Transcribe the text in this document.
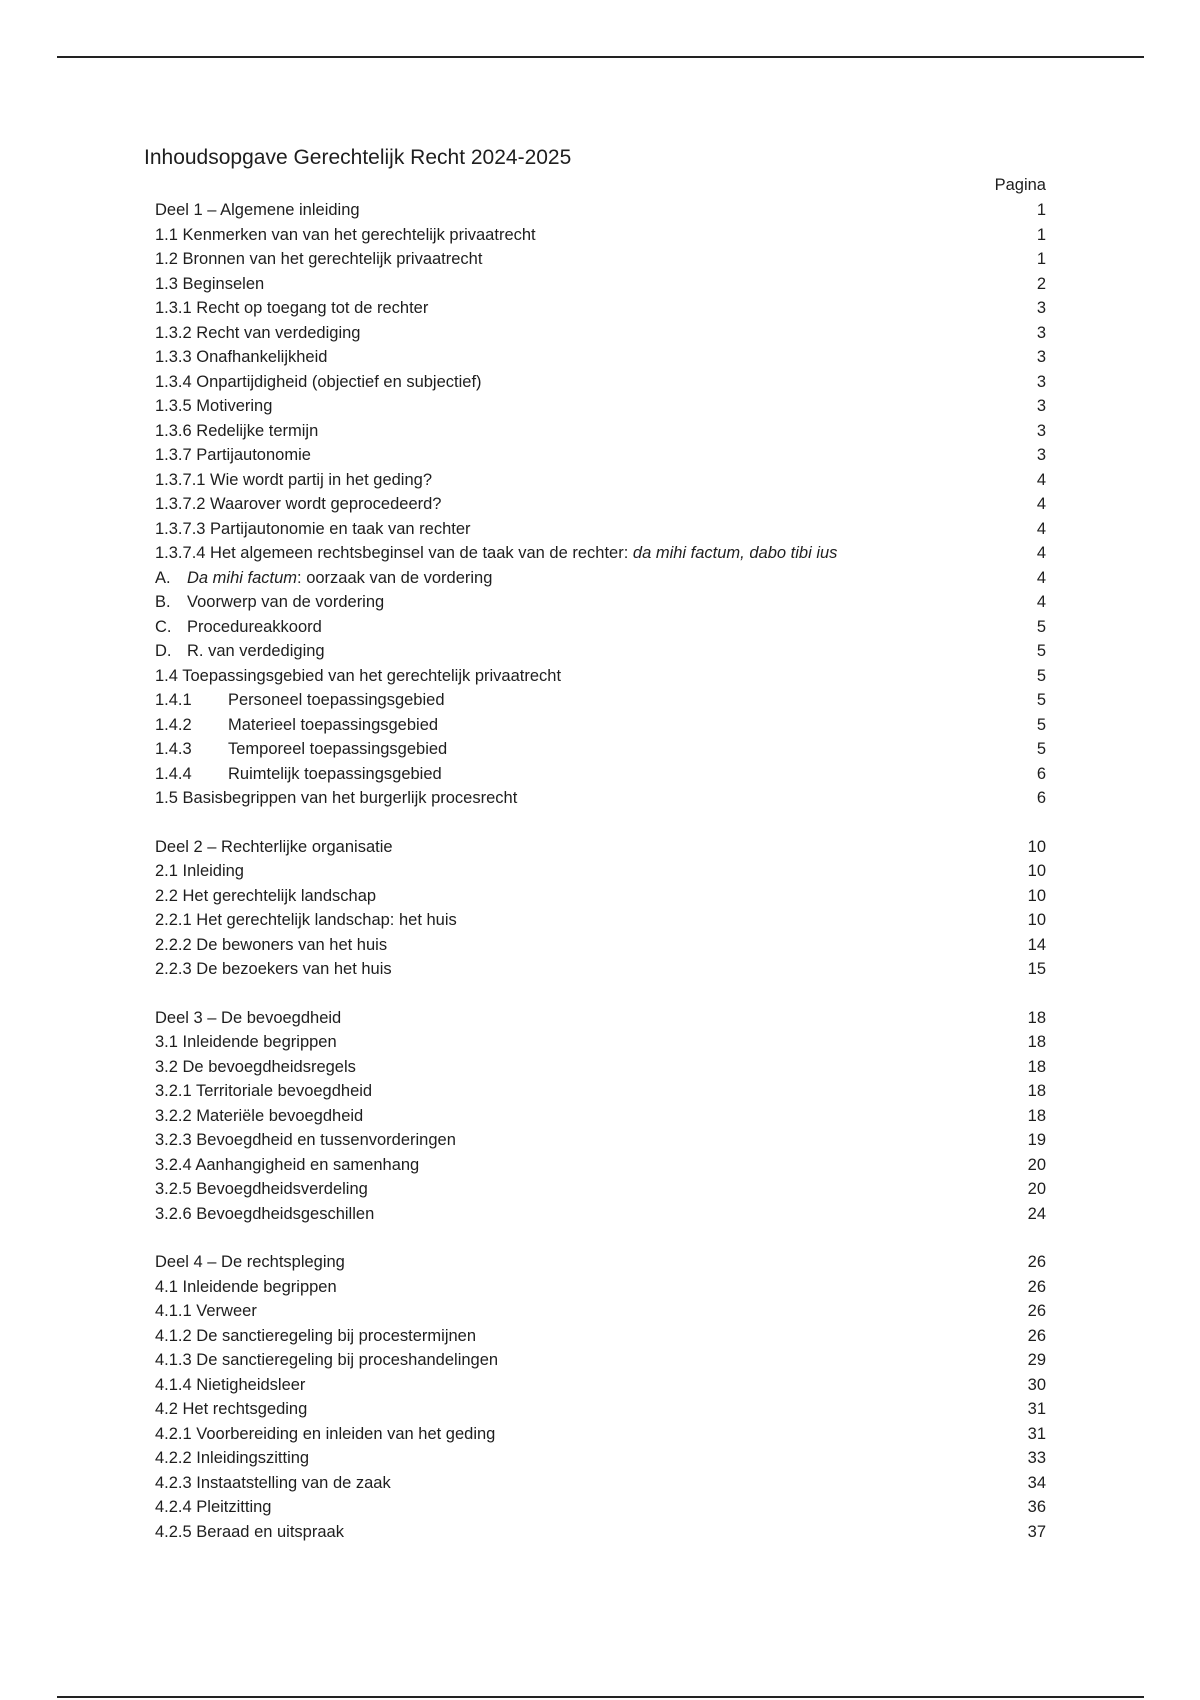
Inhoudsopgave Gerechtelijk Recht 2024-2025
Pagina
Deel 1 – Algemene inleiding	1
1.1 Kenmerken van van het gerechtelijk privaatrecht	1
1.2 Bronnen van het gerechtelijk privaatrecht	1
1.3 Beginselen	2
1.3.1 Recht op toegang tot de rechter	3
1.3.2 Recht van verdediging	3
1.3.3 Onafhankelijkheid	3
1.3.4 Onpartijdigheid (objectief en subjectief)	3
1.3.5 Motivering	3
1.3.6 Redelijke termijn	3
1.3.7 Partijautonomie	3
1.3.7.1 Wie wordt partij in het geding?	4
1.3.7.2 Waarover wordt geprocedeerd?	4
1.3.7.3 Partijautonomie en taak van rechter	4
1.3.7.4 Het algemeen rechtsbeginsel van de taak van de rechter: da mihi factum, dabo tibi ius	4
A. Da mihi factum: oorzaak van de vordering	4
B. Voorwerp van de vordering	4
C. Procedureakkoord	5
D. R. van verdediging	5
1.4 Toepassingsgebied van het gerechtelijk privaatrecht	5
1.4.1 Personeel toepassingsgebied	5
1.4.2 Materieel toepassingsgebied	5
1.4.3 Temporeel toepassingsgebied	5
1.4.4 Ruimtelijk toepassingsgebied	6
1.5 Basisbegrippen van het burgerlijk procesrecht	6
Deel 2 – Rechterlijke organisatie	10
2.1 Inleiding	10
2.2 Het gerechtelijk landschap	10
2.2.1 Het gerechtelijk landschap: het huis	10
2.2.2 De bewoners van het huis	14
2.2.3 De bezoekers van het huis	15
Deel 3 – De bevoegdheid	18
3.1 Inleidende begrippen	18
3.2 De bevoegdheidsregels	18
3.2.1 Territoriale bevoegdheid	18
3.2.2 Materiële bevoegdheid	18
3.2.3 Bevoegdheid en tussenvorderingen	19
3.2.4 Aanhangigheid en samenhang	20
3.2.5 Bevoegdheidsverdeling	20
3.2.6 Bevoegdheidsgeschillen	24
Deel 4 – De rechtspleging	26
4.1 Inleidende begrippen	26
4.1.1 Verweer	26
4.1.2 De sanctieregeling bij procestermijnen	26
4.1.3 De sanctieregeling bij proceshandelingen	29
4.1.4 Nietigheidsleer	30
4.2 Het rechtsgeding	31
4.2.1 Voorbereiding en inleiden van het geding	31
4.2.2 Inleidingszitting	33
4.2.3 Instaatstelling van de zaak	34
4.2.4 Pleitzitting	36
4.2.5 Beraad en uitspraak	37
